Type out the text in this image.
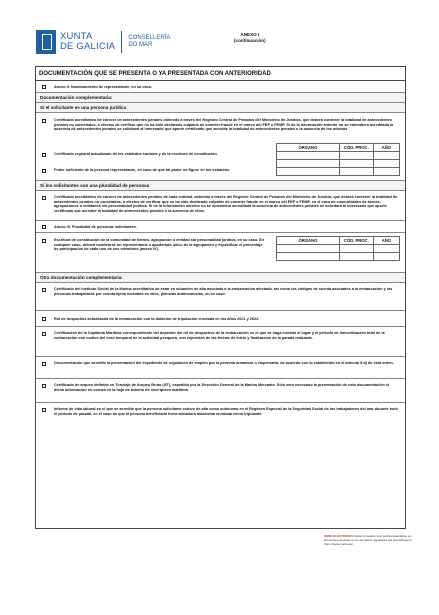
XUNTA
DE GALICIA
CONSELLERÍA
DO MAR
ANEXO I
(continuación)
DOCUMENTACIÓN QUE SE PRESENTA O YA PRESENTADA CON ANTERIORIDAD
Anexo II. Nombramiento de representante, en su caso.
Documentación complementaria:
Si el solicitante es una persona jurídica
Certificado acreditativo de carecer de antecedentes penales obtenido a través del Registro Central de Penados del Ministerio de Justicia, que deberá contener la totalidad de antecedentes penales no cancelados, a efectos de verificar que no ha sido declarado culpable de cometer fraude en el marco del FEP o FEMP. Si de la información anterior no se entendiera acreditada la ausencia de antecedentes penales se solicitará al interesado que aporte certificado que acredite la totalidad de antecedentes penales o la ausencia de los mismos.
ÓRGANO	CÓD. PROC.	AÑO

Certificado registral actualizado de los estatutos sociales y de la escritura de constitución.
Poder suficiente de la persona representante, en caso de que tal poder no figure en los estatutos.
Si los solicitantes son una pluralidad de personas
Certificado acreditativo de carecer de antecedentes penales de cada entidad, obtenido a través del Registro Central de Penados del Ministerio de Justicia, que deberá contener la totalidad de antecedentes penales no cancelados, a efectos de verificar que no ha sido declarado culpable de cometer fraude en el marco del FEP o FEMP, en el caso de comunidades de bienes, agrupaciones o entidades sin personalidad jurídica. Si de la información anterior no se entendiera acreditada la ausencia de antecedentes penales se solicitará al interesado que aporte certificado que acredite la totalidad de antecedentes penales o la ausencia de ellos.
Anexo IV. Pluralidad de personas solicitantes.
Escritura de constitución de la comunidad de bienes, agrupación o entidad sin personalidad jurídica, en su caso. En cualquier caso, deberá nombrarse un representante o apoderado único de la agrupación y especificar el porcentaje de participación de cada uno de sus miembros (anexo IV).
ÓRGANO	CÓD. PROC.	AÑO

Otra documentación complementaria:
Certificado del Instituto Social de la Marina acreditativo de estar en situación de alta asociada a la embarcación afectada, así como los códigos de cuenta asociados a la embarcación y los personas trabajadoras por cuenta ajena incluidas en ellos, pleno/as autónomos/as, en su caso.
Rol de despachos actualizado de la embarcación con la dotación de tripulación enrolada en los años 2021 y 2022.
Certificación de la Capitanía Marítima correspondiente del depósito del rol de despachos de la embarcación en el que se haga constar el lugar y el periodo de inmovilización total de la embarcación con motivo del cese temporal de la actividad pesquera, con expresión de las fechas de inicio y finalización de la parada realizada.
Documentación que acredite la presentación del expediente de regulación de empleo por la persona armadora o empresaria, de acuerdo con lo establecido en el artículo 5.d) de esta orden.
Certificado de arqueo definido en Tonelaje de Arqueo Bruto (GT), expedido por la Dirección General de la Marina Mercante. Sólo será necesario la presentación de esta documentación si dicha información no consta en la hoja de asiento de inscripción marítima.
Informe de vida laboral en el que se acredite que la persona solicitante estuvo de alta como autónoma en el Régimen Especial de la Seguridad Social de los trabajadores del mar durante todo el periodo de parada, en el caso de que la persona beneficiaria fuera armadora autónoma enrolada como tripulante.
SEDE ELECTRÓNICA Este formulario solo podrá presentarse en las formas previstas en la normativa reguladora del procedimiento.
https://sede.xunta.gal
